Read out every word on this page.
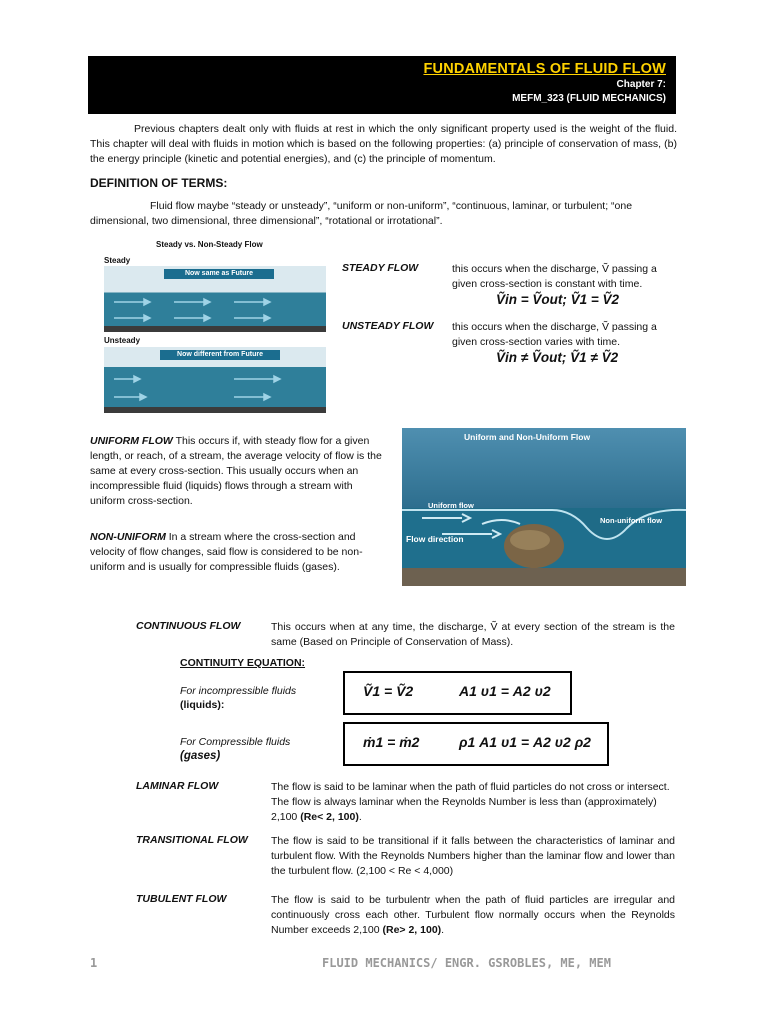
FUNDAMENTALS OF FLUID FLOW
Chapter 7:
MEFM_323 (FLUID MECHANICS)
Previous chapters dealt only with fluids at rest in which the only significant property used is the weight of the fluid. This chapter will deal with fluids in motion which is based on the following properties: (a) principle of conservation of mass, (b) the energy principle (kinetic and potential energies), and (c) the principle of momentum.
DEFINITION OF TERMS:
Fluid flow maybe “steady or unsteady”, “uniform or non-uniform”, “continuous, laminar, or turbulent; “one dimensional, two dimensional, three dimensional”, “rotational or irrotational”.
Steady vs. Non-Steady Flow
Steady
Now same as Future
Unsteady
Now different from Future
STEADY FLOW	this occurs when the discharge, Ṽ passing a given cross-section is constant with time.
Ṽin = Ṽout; Ṽ1 = Ṽ2
UNSTEADY FLOW this occurs when the discharge, Ṽ passing a given cross-section varies with time.
Ṽin ≠ Ṽout; Ṽ1 ≠ Ṽ2
UNIFORM FLOW This occurs if, with steady flow for a given length, or reach, of a stream, the average velocity of flow is the same at every cross-section. This usually occurs when an incompressible fluid (liquids) flows through a stream with uniform cross-section.
NON-UNIFORM In a stream where the cross-section and velocity of flow changes, said flow is considered to be non-uniform and is usually for compressible fluids (gases).
Uniform and Non-Uniform Flow
Uniform flow
Non-uniform flow
Flow direction
CONTINUOUS FLOW	This occurs when at any time, the discharge, Ṽ at every section of the stream is the same (Based on Principle of Conservation of Mass).
CONTINUITY EQUATION:
For incompressible fluids
(liquids):
Ṽ1 = Ṽ2	A1 υ1 = A2 υ2
For Compressible fluids
(gases)
ṁ1 = ṁ2	ρ1 A1 υ1 = A2 υ2 ρ2
LAMINAR FLOW	The flow is said to be laminar when the path of fluid particles do not cross or intersect. The flow is always laminar when the Reynolds Number is less than (approximately) 2,100 (Re< 2, 100).
TRANSITIONAL FLOW The flow is said to be transitional if it falls between the characteristics of laminar and turbulent flow. With the Reynolds Numbers higher than the laminar flow and lower than the turbulent flow. (2,100 < Re < 4,000)
TUBULENT FLOW	The flow is said to be turbulentr when the path of fluid particles are irregular and continuously cross each other. Turbulent flow normally occurs when the Reynolds Number exceeds 2,100 (Re> 2, 100).
1	FLUID MECHANICS/ ENGR. GSROBLES, ME, MEM
